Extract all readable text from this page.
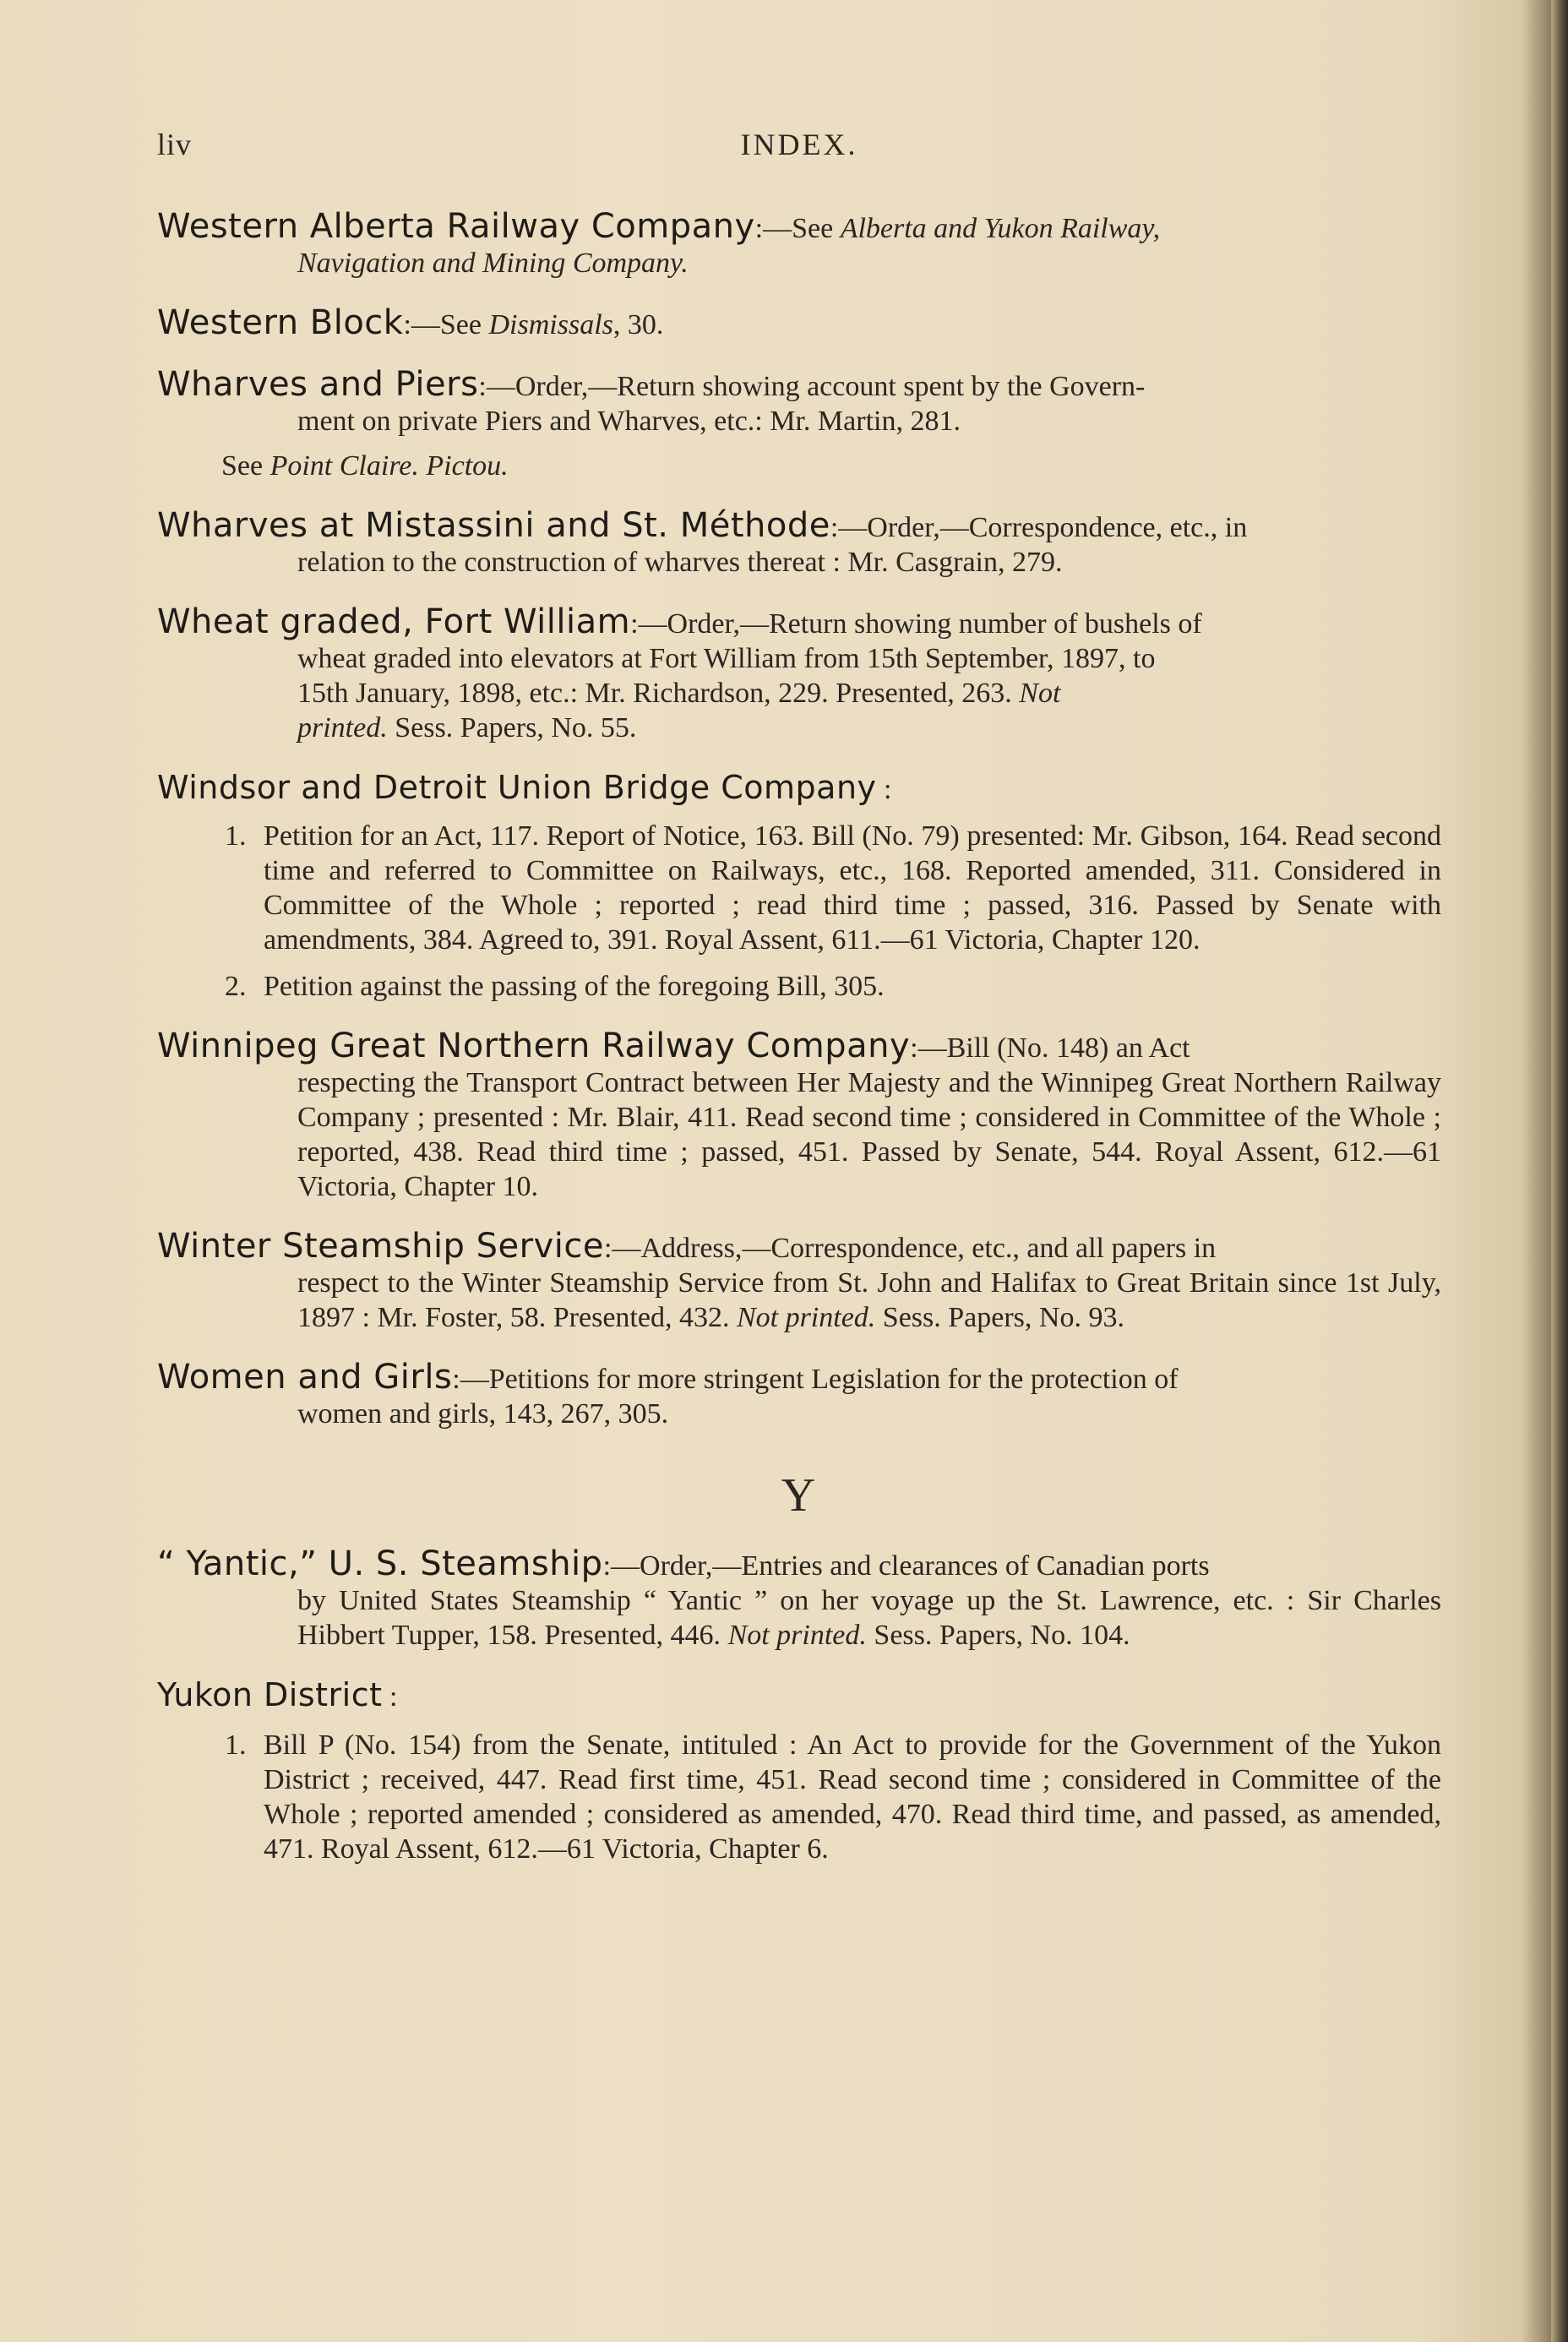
liv	INDEX.

Western Alberta Railway Company:—See Alberta and Yukon Railway,

Navigation and Mining Company.

Western Block:—See Dismissals, 30.

Wharves and Piers:—Order,—Return showing account spent by the Govern-

ment on private Piers and Wharves, etc.: Mr. Martin, 281.

See Point Claire. Pictou.

Wharves at Mistassini and St. Méthode:—Order,—Correspondence, etc., in

relation to the construction of wharves thereat : Mr. Casgrain, 279.

Wheat graded, Fort William:—Order,—Return showing number of bushels of

wheat graded into elevators at Fort William from 15th September, 1897, to

15th January, 1898, etc.: Mr. Richardson, 229. Presented, 263. Not

printed. Sess. Papers, No. 55.

Windsor and Detroit Union Bridge Company :

1. Petition for an Act, 117. Report of Notice, 163. Bill (No. 79) presented: Mr. Gibson, 164. Read second time and referred to Committee on Railways, etc., 168. Reported amended, 311. Considered in Committee of the Whole ; reported ; read third time ; passed, 316. Passed by Senate with amendments, 384. Agreed to, 391. Royal Assent, 611.—61 Victoria, Chapter 120.
2. Petition against the passing of the foregoing Bill, 305.

Winnipeg Great Northern Railway Company:—Bill (No. 148) an Act

respecting the Transport Contract between Her Majesty and the Winnipeg Great Northern Railway Company ; presented : Mr. Blair, 411. Read second time ; considered in Committee of the Whole ; reported, 438. Read third time ; passed, 451. Passed by Senate, 544. Royal Assent, 612.—61 Victoria, Chapter 10.

Winter Steamship Service:—Address,—Correspondence, etc., and all papers in

respect to the Winter Steamship Service from St. John and Halifax to Great Britain since 1st July, 1897 : Mr. Foster, 58. Presented, 432. Not printed. Sess. Papers, No. 93.

Women and Girls:—Petitions for more stringent Legislation for the protection of

women and girls, 143, 267, 305.

Y

“ Yantic,” U. S. Steamship:—Order,—Entries and clearances of Canadian ports

by United States Steamship “ Yantic ” on her voyage up the St. Lawrence, etc. : Sir Charles Hibbert Tupper, 158. Presented, 446. Not printed. Sess. Papers, No. 104.

Yukon District :

1. Bill P (No. 154) from the Senate, intituled : An Act to provide for the Government of the Yukon District ; received, 447. Read first time, 451. Read second time ; considered in Committee of the Whole ; reported amended ; considered as amended, 470. Read third time, and passed, as amended, 471. Royal Assent, 612.—61 Victoria, Chapter 6.
